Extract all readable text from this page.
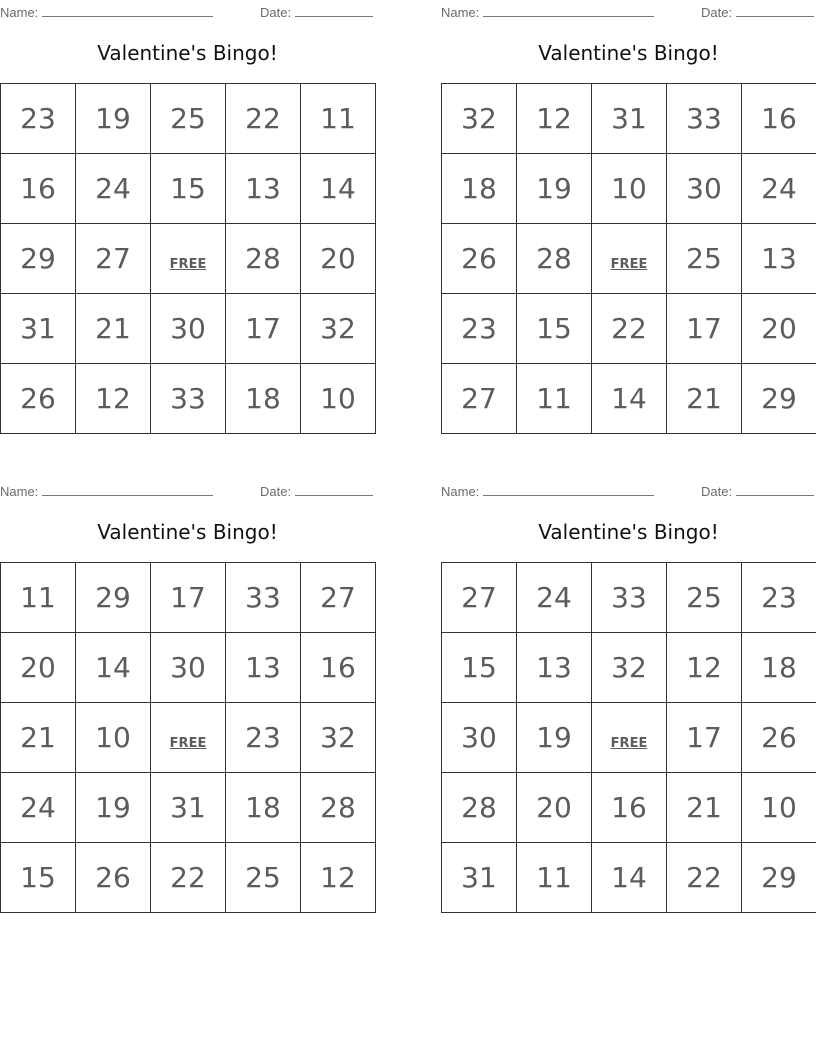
Name:	Date:
Valentine's Bingo!
23	19	25	22	11
16	24	15	13	14
29	27	FREE	28	20
31	21	30	17	32
26	12	33	18	10
Name:	Date:
Valentine's Bingo!
32	12	31	33	16
18	19	10	30	24
26	28	FREE	25	13
23	15	22	17	20
27	11	14	21	29
Name:	Date:
Valentine's Bingo!
11	29	17	33	27
20	14	30	13	16
21	10	FREE	23	32
24	19	31	18	28
15	26	22	25	12
Name:	Date:
Valentine's Bingo!
27	24	33	25	23
15	13	32	12	18
30	19	FREE	17	26
28	20	16	21	10
31	11	14	22	29
